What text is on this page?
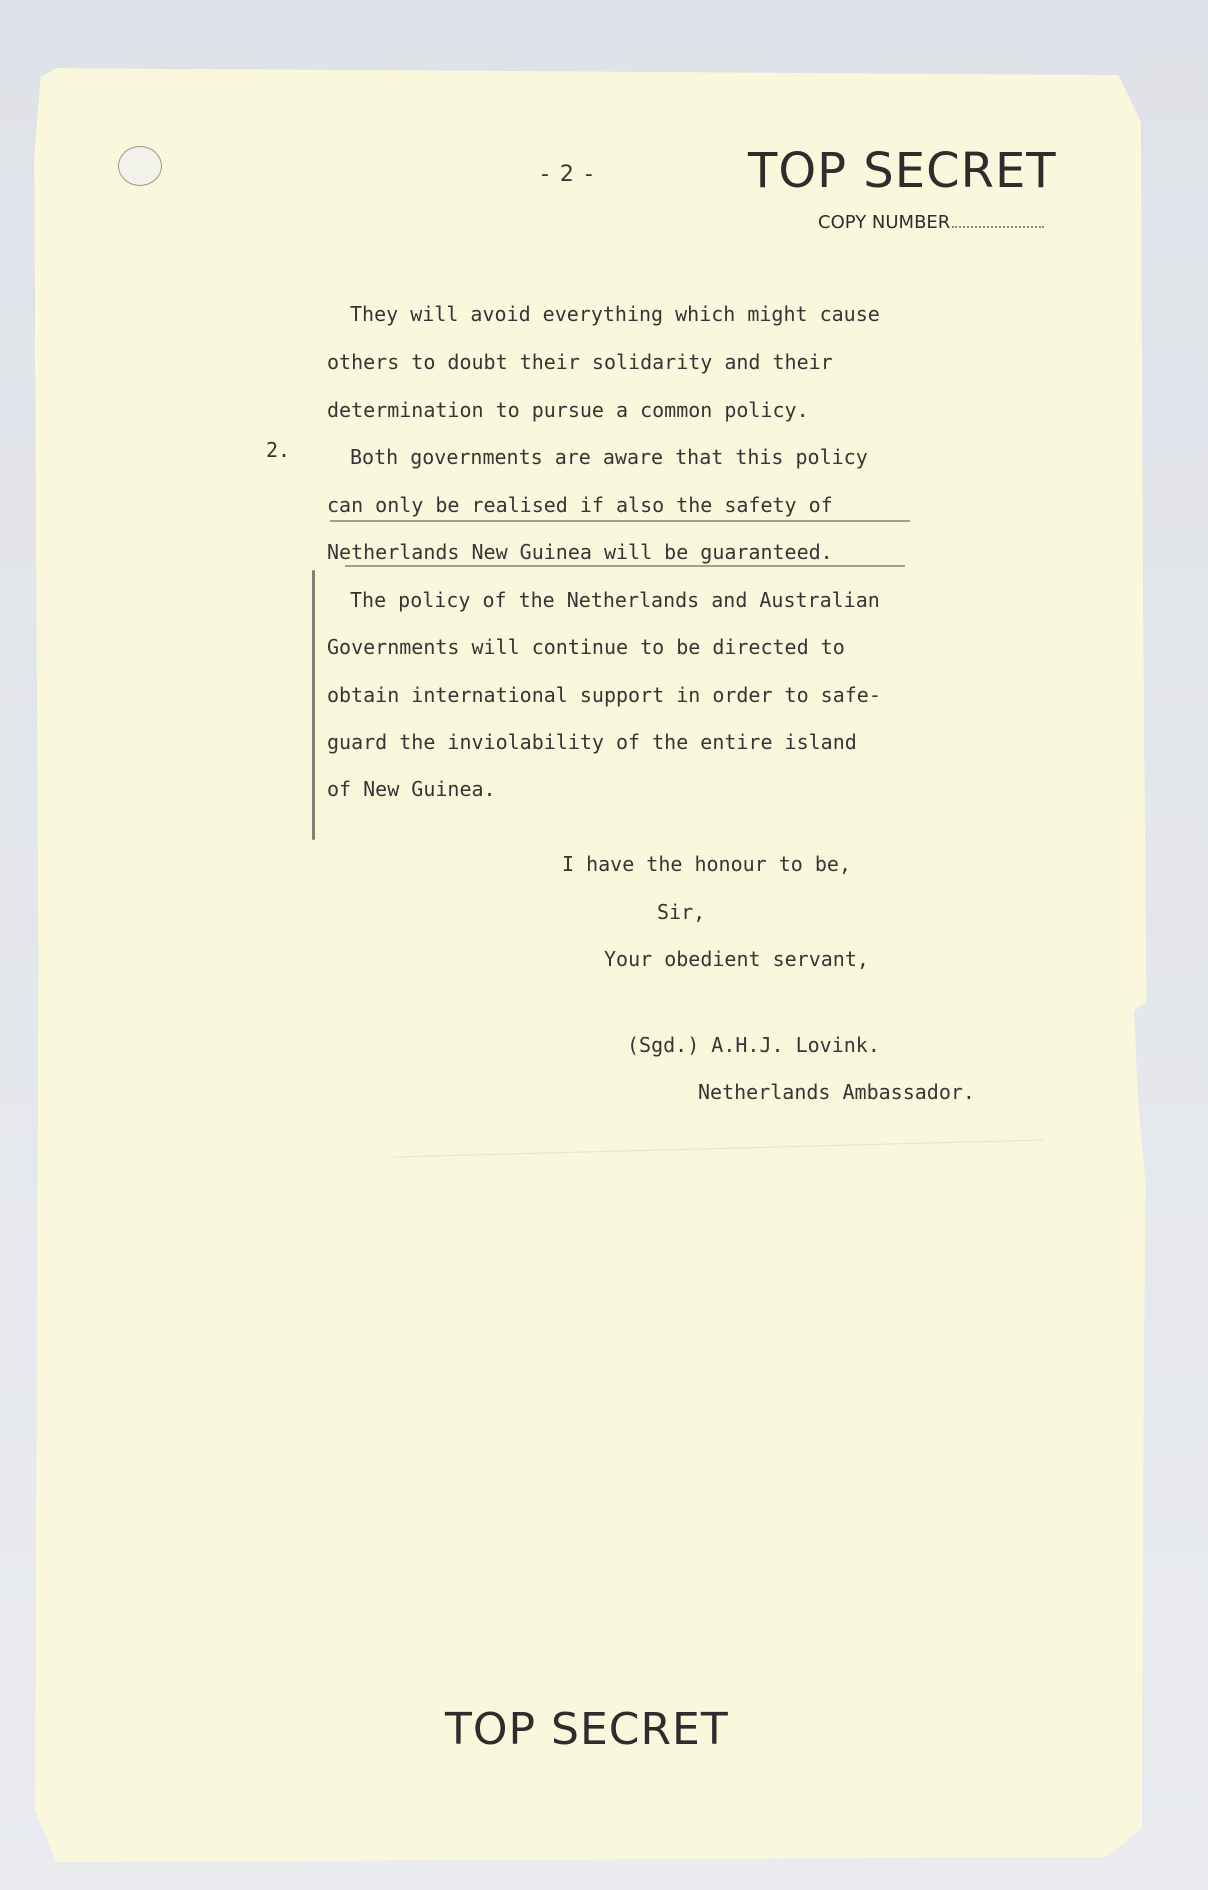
- 2 -	TOP SECRET
COPY NUMBER
They will avoid everything which might cause
others to doubt their solidarity and their
determination to pursue a common policy.
2.	Both governments are aware that this policy
can only be realised if also the safety of
Netherlands New Guinea will be guaranteed.
The policy of the Netherlands and Australian
Governments will continue to be directed to
obtain international support in order to safe-
guard the inviolability of the entire island
of New Guinea.
I have the honour to be,
Sir,
Your obedient servant,
(Sgd.) A.H.J. Lovink.
Netherlands Ambassador.
TOP SECRET
